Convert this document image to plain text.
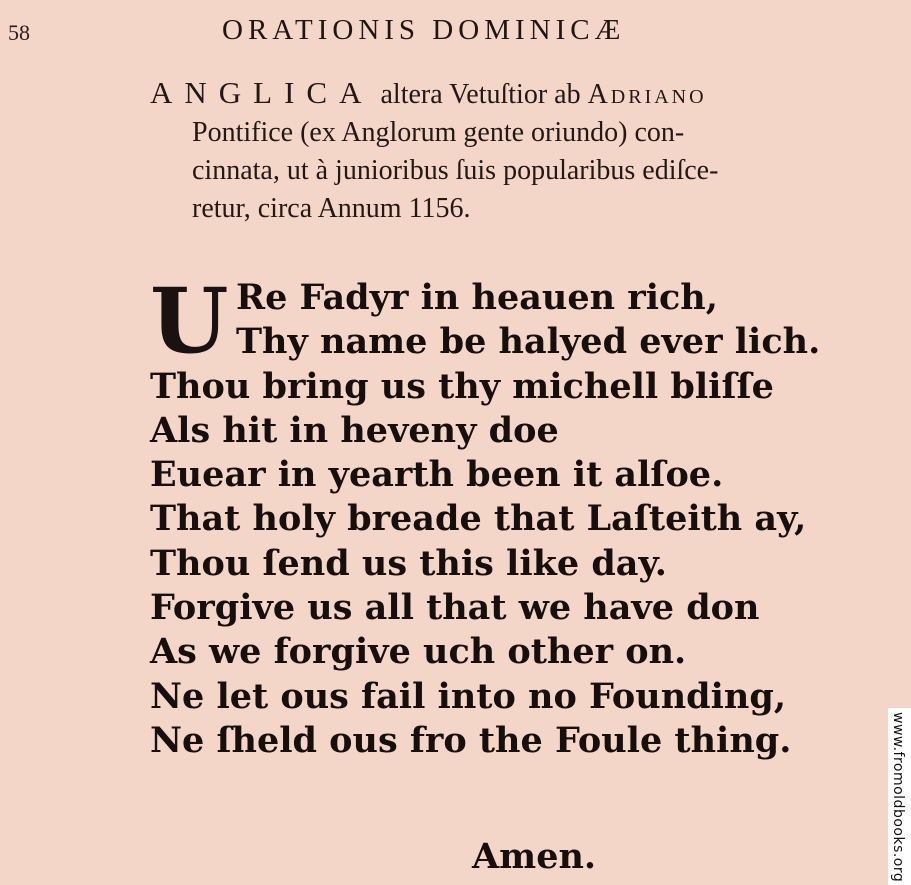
58	ORATIONIS DOMINICÆ
ANGLICA altera Vetuſtior ab Adriano
Pontifice (ex Anglorum gente oriundo) con-
cinnata, ut à junioribus ſuis popularibus ediſce-
retur, circa Annum 1156.
U Re Fadyr in heauen rich,
Thy name be halyed ever lich.
Thou bring us thy michell bliſſe
Als hit in heveny doe
Euear in yearth been it alſoe.
That holy breade that Laſteith ay,
Thou ſend us this like day.
Forgive us all that we have don
As we forgive uch other on.
Ne let ous fail into no Founding,
Ne ſheld ous fro the Foule thing.
Amen.	www.fromoldbooks.org
